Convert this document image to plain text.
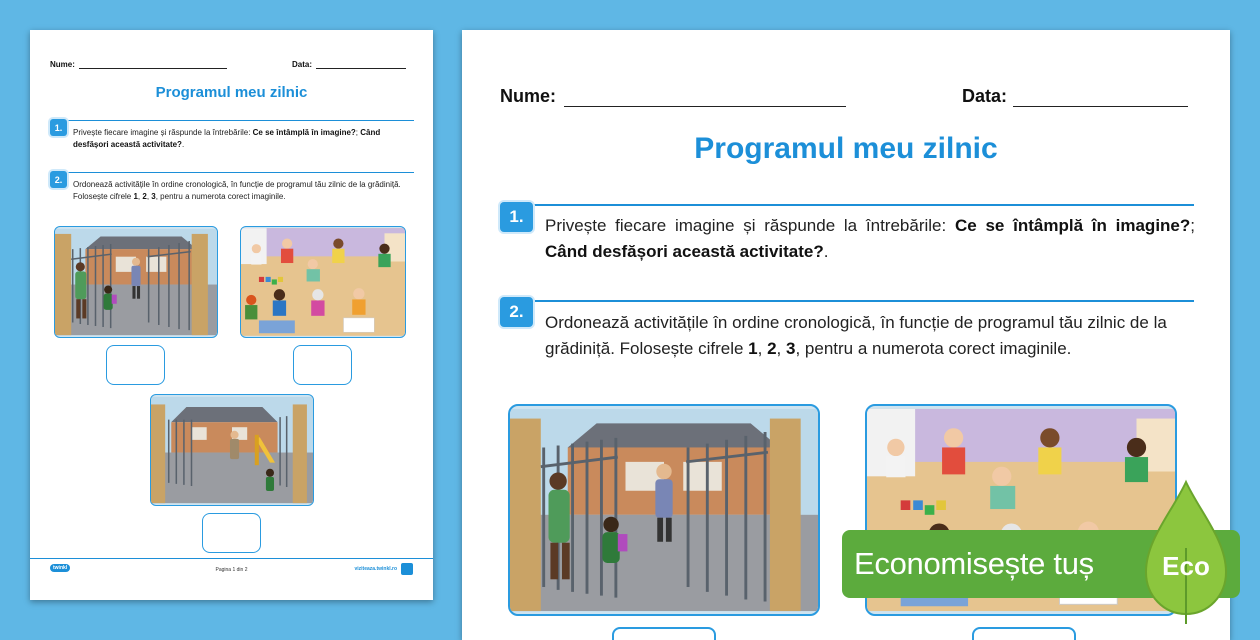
Nume:	Data:
Programul meu zilnic
1.	Privește fiecare imagine și răspunde la întrebările: Ce se întâmplă în imagine?; Când desfășori această activitate?.
2.	Ordonează activitățile în ordine cronologică, în funcție de programul tău zilnic de la grădiniță. Folosește cifrele 1, 2, 3, pentru a numerota corect imaginile.
twinkl	Pagina 1 din 2	viziteaza.twinkl.ro
Nume:	Data:
Programul meu zilnic
1.	Privește fiecare imagine și răspunde la întrebările: Ce se întâmplă în imagine?; Când desfășori această activitate?.
2.
Ordonează activitățile în ordine cronologică, în funcție de programul tău zilnic de la grădiniță. Folosește cifrele 1, 2, 3, pentru a numerota corect imaginile.
Economisește tuș	Eco
